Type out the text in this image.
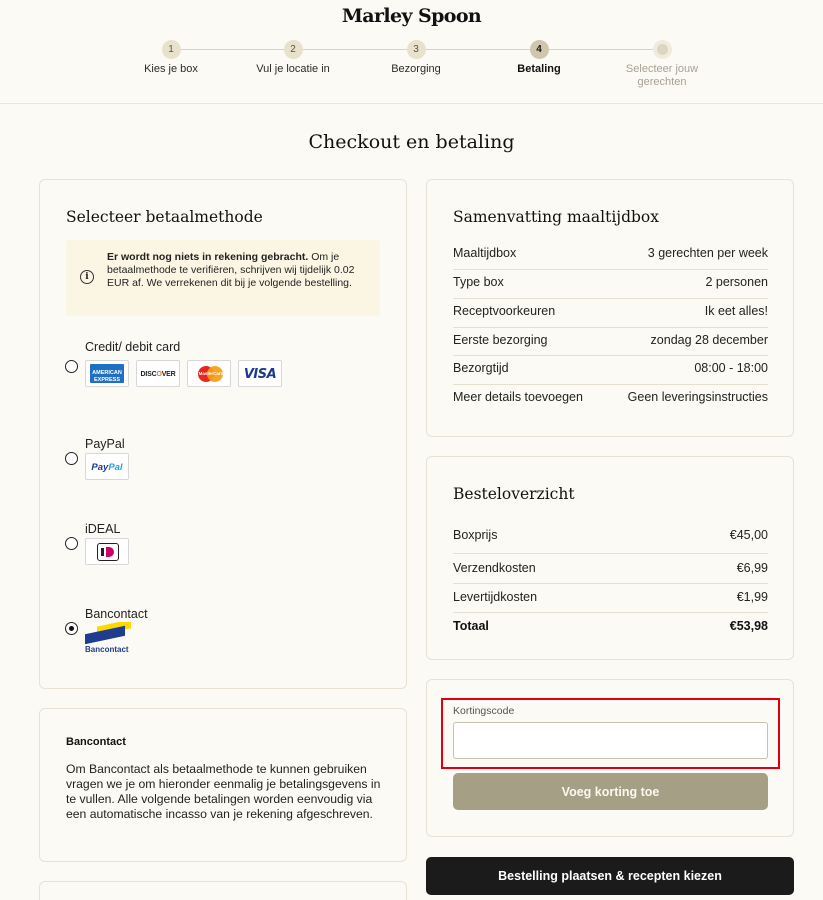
Marley Spoon
1
Kies je box
2
Vul je locatie in
3
Bezorging
4
Betaling	Selecteer jouw gerechten
Checkout en betaling
Selecteer betaalmethode
i
Er wordt nog niets in rekening gebracht. Om je betaalmethode te verifiëren, schrijven wij tijdelijk 0.02 EUR af. We verrekenen dit bij je volgende bestelling.
Credit/ debit card
AMERICAN
EXPRESS
DISCOVER	MasterCard	VISA
PayPal
PayPal
iDEAL
Bancontact
Bancontact
Bancontact
Om Bancontact als betaalmethode te kunnen gebruiken vragen we je om hieronder eenmalig je betalingsgevens in te vullen. Alle volgende betalingen worden eenvoudig via een automatische incasso van je rekening afgeschreven.
Samenvatting maaltijdbox
Maaltijdbox	3 gerechten per week
Type box	2 personen
Receptvoorkeuren	Ik eet alles!
Eerste bezorging	zondag 28 december
Bezorgtijd	08:00 - 18:00
Meer details toevoegen	Geen leveringsinstructies
Besteloverzicht
Boxprijs	€45,00
Verzendkosten	€6,99
Levertijdkosten	€1,99
Totaal	€53,98
Kortingscode
Voeg korting toe
Bestelling plaatsen & recepten kiezen
